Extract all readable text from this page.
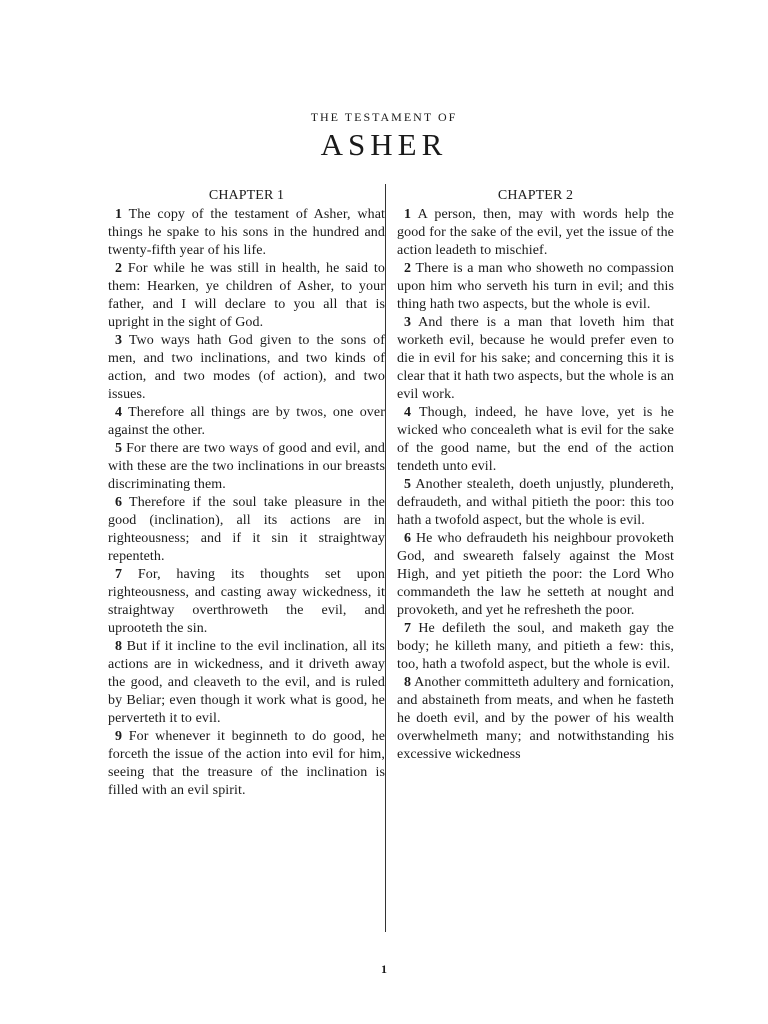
THE TESTAMENT OF
ASHER
CHAPTER 1

1 The copy of the testament of Asher, what things he spake to his sons in the hundred and twenty-fifth year of his life.

2 For while he was still in health, he said to them: Hearken, ye children of Asher, to your father, and I will declare to you all that is upright in the sight of God.

3 Two ways hath God given to the sons of men, and two inclinations, and two kinds of action, and two modes (of action), and two issues.

4 Therefore all things are by twos, one over against the other.

5 For there are two ways of good and evil, and with these are the two inclinations in our breasts discriminating them.

6 Therefore if the soul take pleasure in the good (inclination), all its actions are in righteousness; and if it sin it straightway repenteth.

7 For, having its thoughts set upon righteousness, and casting away wickedness, it straightway overthroweth the evil, and uprooteth the sin.

8 But if it incline to the evil inclination, all its actions are in wickedness, and it driveth away the good, and cleaveth to the evil, and is ruled by Beliar; even though it work what is good, he perverteth it to evil.

9 For whenever it beginneth to do good, he forceth the issue of the action into evil for him, seeing that the treasure of the inclination is filled with an evil spirit.

CHAPTER 2

1 A person, then, may with words help the good for the sake of the evil, yet the issue of the action leadeth to mischief.

2 There is a man who showeth no compassion upon him who serveth his turn in evil; and this thing hath two aspects, but the whole is evil.

3 And there is a man that loveth him that worketh evil, because he would prefer even to die in evil for his sake; and concerning this it is clear that it hath two aspects, but the whole is an evil work.

4 Though, indeed, he have love, yet is he wicked who concealeth what is evil for the sake of the good name, but the end of the action tendeth unto evil.

5 Another stealeth, doeth unjustly, plundereth, defraudeth, and withal pitieth the poor: this too hath a twofold aspect, but the whole is evil.

6 He who defraudeth his neighbour provoketh God, and sweareth falsely against the Most High, and yet pitieth the poor: the Lord Who commandeth the law he setteth at nought and provoketh, and yet he refresheth the poor.

7 He defileth the soul, and maketh gay the body; he killeth many, and pitieth a few: this, too, hath a twofold aspect, but the whole is evil.

8 Another committeth adultery and fornication, and abstaineth from meats, and when he fasteth he doeth evil, and by the power of his wealth overwhelmeth many; and notwithstanding his excessive wickedness

1
